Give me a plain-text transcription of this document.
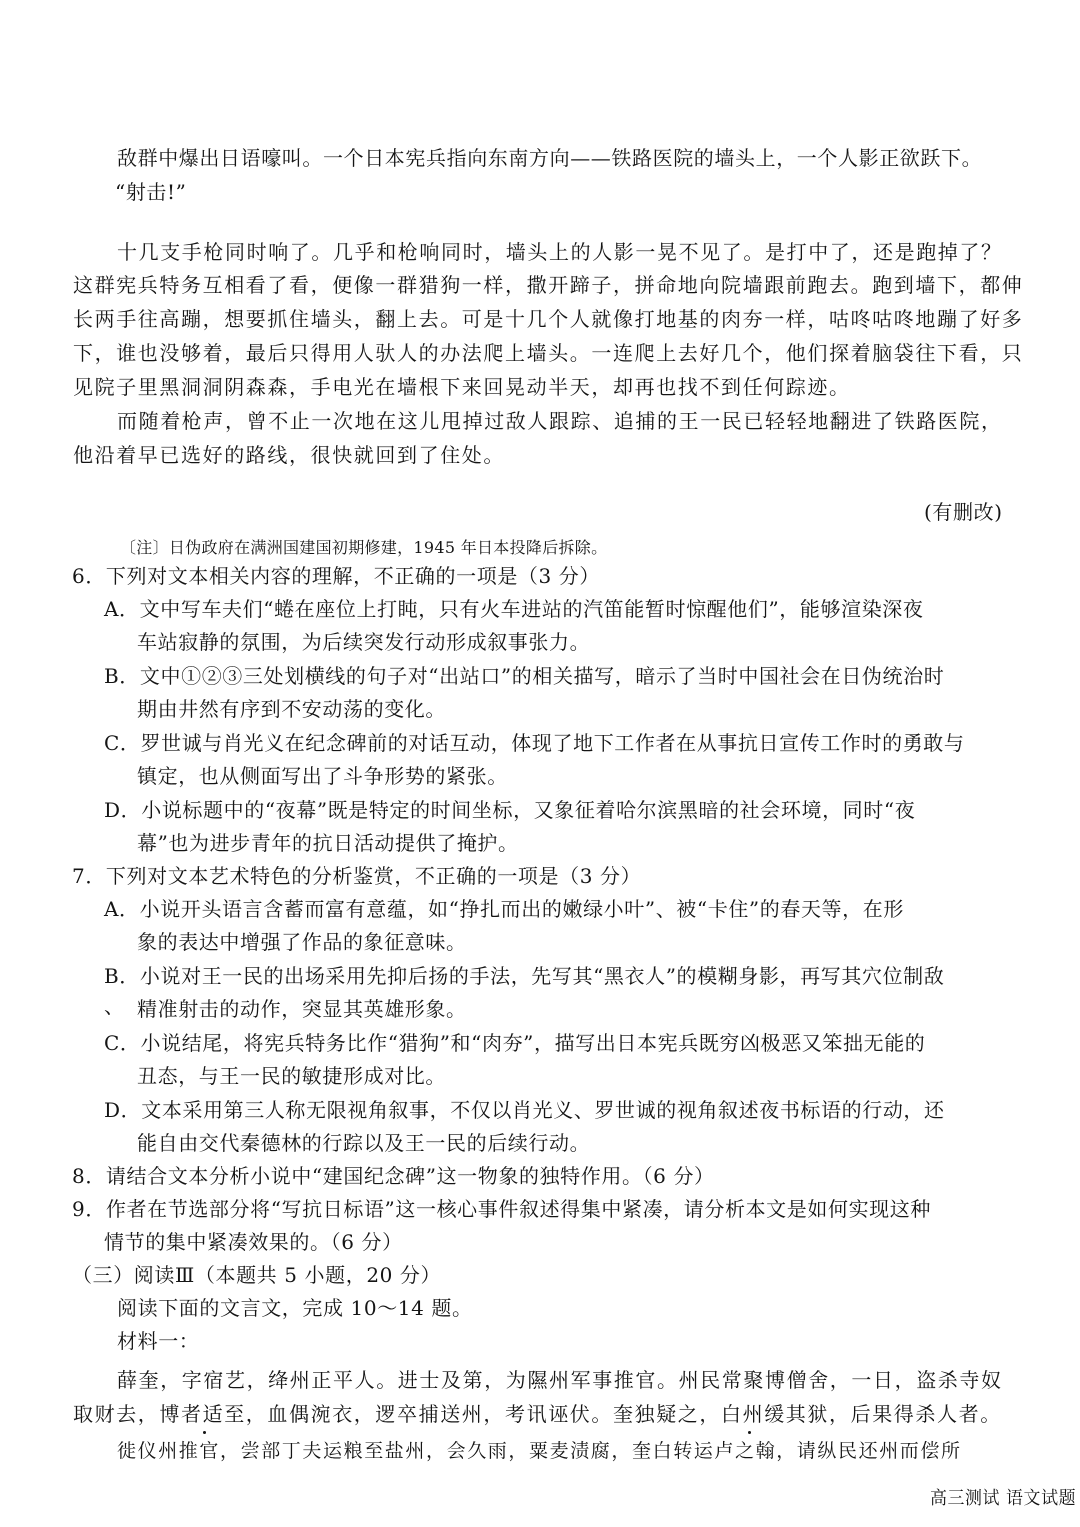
敌群中爆出日语嚎叫。一个日本宪兵指向东南方向——铁路医院的墙头上，一个人影正欲跃下。
“射击!”
十几支手枪同时响了。几乎和枪响同时，墙头上的人影一晃不见了。是打中了，还是跑掉了？
这群宪兵特务互相看了看，便像一群猎狗一样，撒开蹄子，拼命地向院墙跟前跑去。跑到墙下，都伸
长两手往高蹦，想要抓住墙头，翻上去。可是十几个人就像打地基的肉夯一样，咕咚咕咚地蹦了好多
下，谁也没够着，最后只得用人驮人的办法爬上墙头。一连爬上去好几个，他们探着脑袋往下看，只
见院子里黑洞洞阴森森，手电光在墙根下来回晃动半天，却再也找不到任何踪迹。
而随着枪声，曾不止一次地在这儿甩掉过敌人跟踪、追捕的王一民已轻轻地翻进了铁路医院，
他沿着早已选好的路线，很快就回到了住处。
(有删改)
〔注〕日伪政府在满洲国建国初期修建，1945 年日本投降后拆除。
6．下列对文本相关内容的理解，不正确的一项是（3 分）
A．文中写车夫们“蜷在座位上打盹，只有火车进站的汽笛能暂时惊醒他们”，能够渲染深夜
车站寂静的氛围，为后续突发行动形成叙事张力。
B．文中①②③三处划横线的句子对“出站口”的相关描写，暗示了当时中国社会在日伪统治时
期由井然有序到不安动荡的变化。
C．罗世诚与肖光义在纪念碑前的对话互动，体现了地下工作者在从事抗日宣传工作时的勇敢与
镇定，也从侧面写出了斗争形势的紧张。
D．小说标题中的“夜幕”既是特定的时间坐标，又象征着哈尔滨黑暗的社会环境，同时“夜
幕”也为进步青年的抗日活动提供了掩护。
7．下列对文本艺术特色的分析鉴赏，不正确的一项是（3 分）
A．小说开头语言含蓄而富有意蕴，如“挣扎而出的嫩绿小叶”、被“卡住”的春天等，在形
象的表达中增强了作品的象征意味。
B．小说对王一民的出场采用先抑后扬的手法，先写其“黑衣人”的模糊身影，再写其穴位制敌
、 精准射击的动作，突显其英雄形象。
C．小说结尾，将宪兵特务比作“猎狗”和“肉夯”，描写出日本宪兵既穷凶极恶又笨拙无能的
丑态，与王一民的敏捷形成对比。
D．文本采用第三人称无限视角叙事，不仅以肖光义、罗世诚的视角叙述夜书标语的行动，还
能自由交代秦德林的行踪以及王一民的后续行动。
8．请结合文本分析小说中“建国纪念碑”这一物象的独特作用。（6 分）
9．作者在节选部分将“写抗日标语”这一核心事件叙述得集中紧凑，请分析本文是如何实现这种
情节的集中紧凑效果的。（6 分）
（三）阅读Ⅲ（本题共 5 小题，20 分）
阅读下面的文言文，完成 10～14 题。
材料一：
薛奎，字宿艺，绛州正平人。进士及第，为隰州军事推官。州民常聚博僧舍，一日，盗杀寺奴
取财去，博者适至，血偶涴衣，逻卒捕送州，考讯诬伏。奎独疑之，白州缓其狱，后果得杀人者。
徙仪州推官，尝部丁夫运粮至盐州，会久雨，粟麦渍腐，奎白转运卢之翰，请纵民还州而偿所
高三测试 语文试题
